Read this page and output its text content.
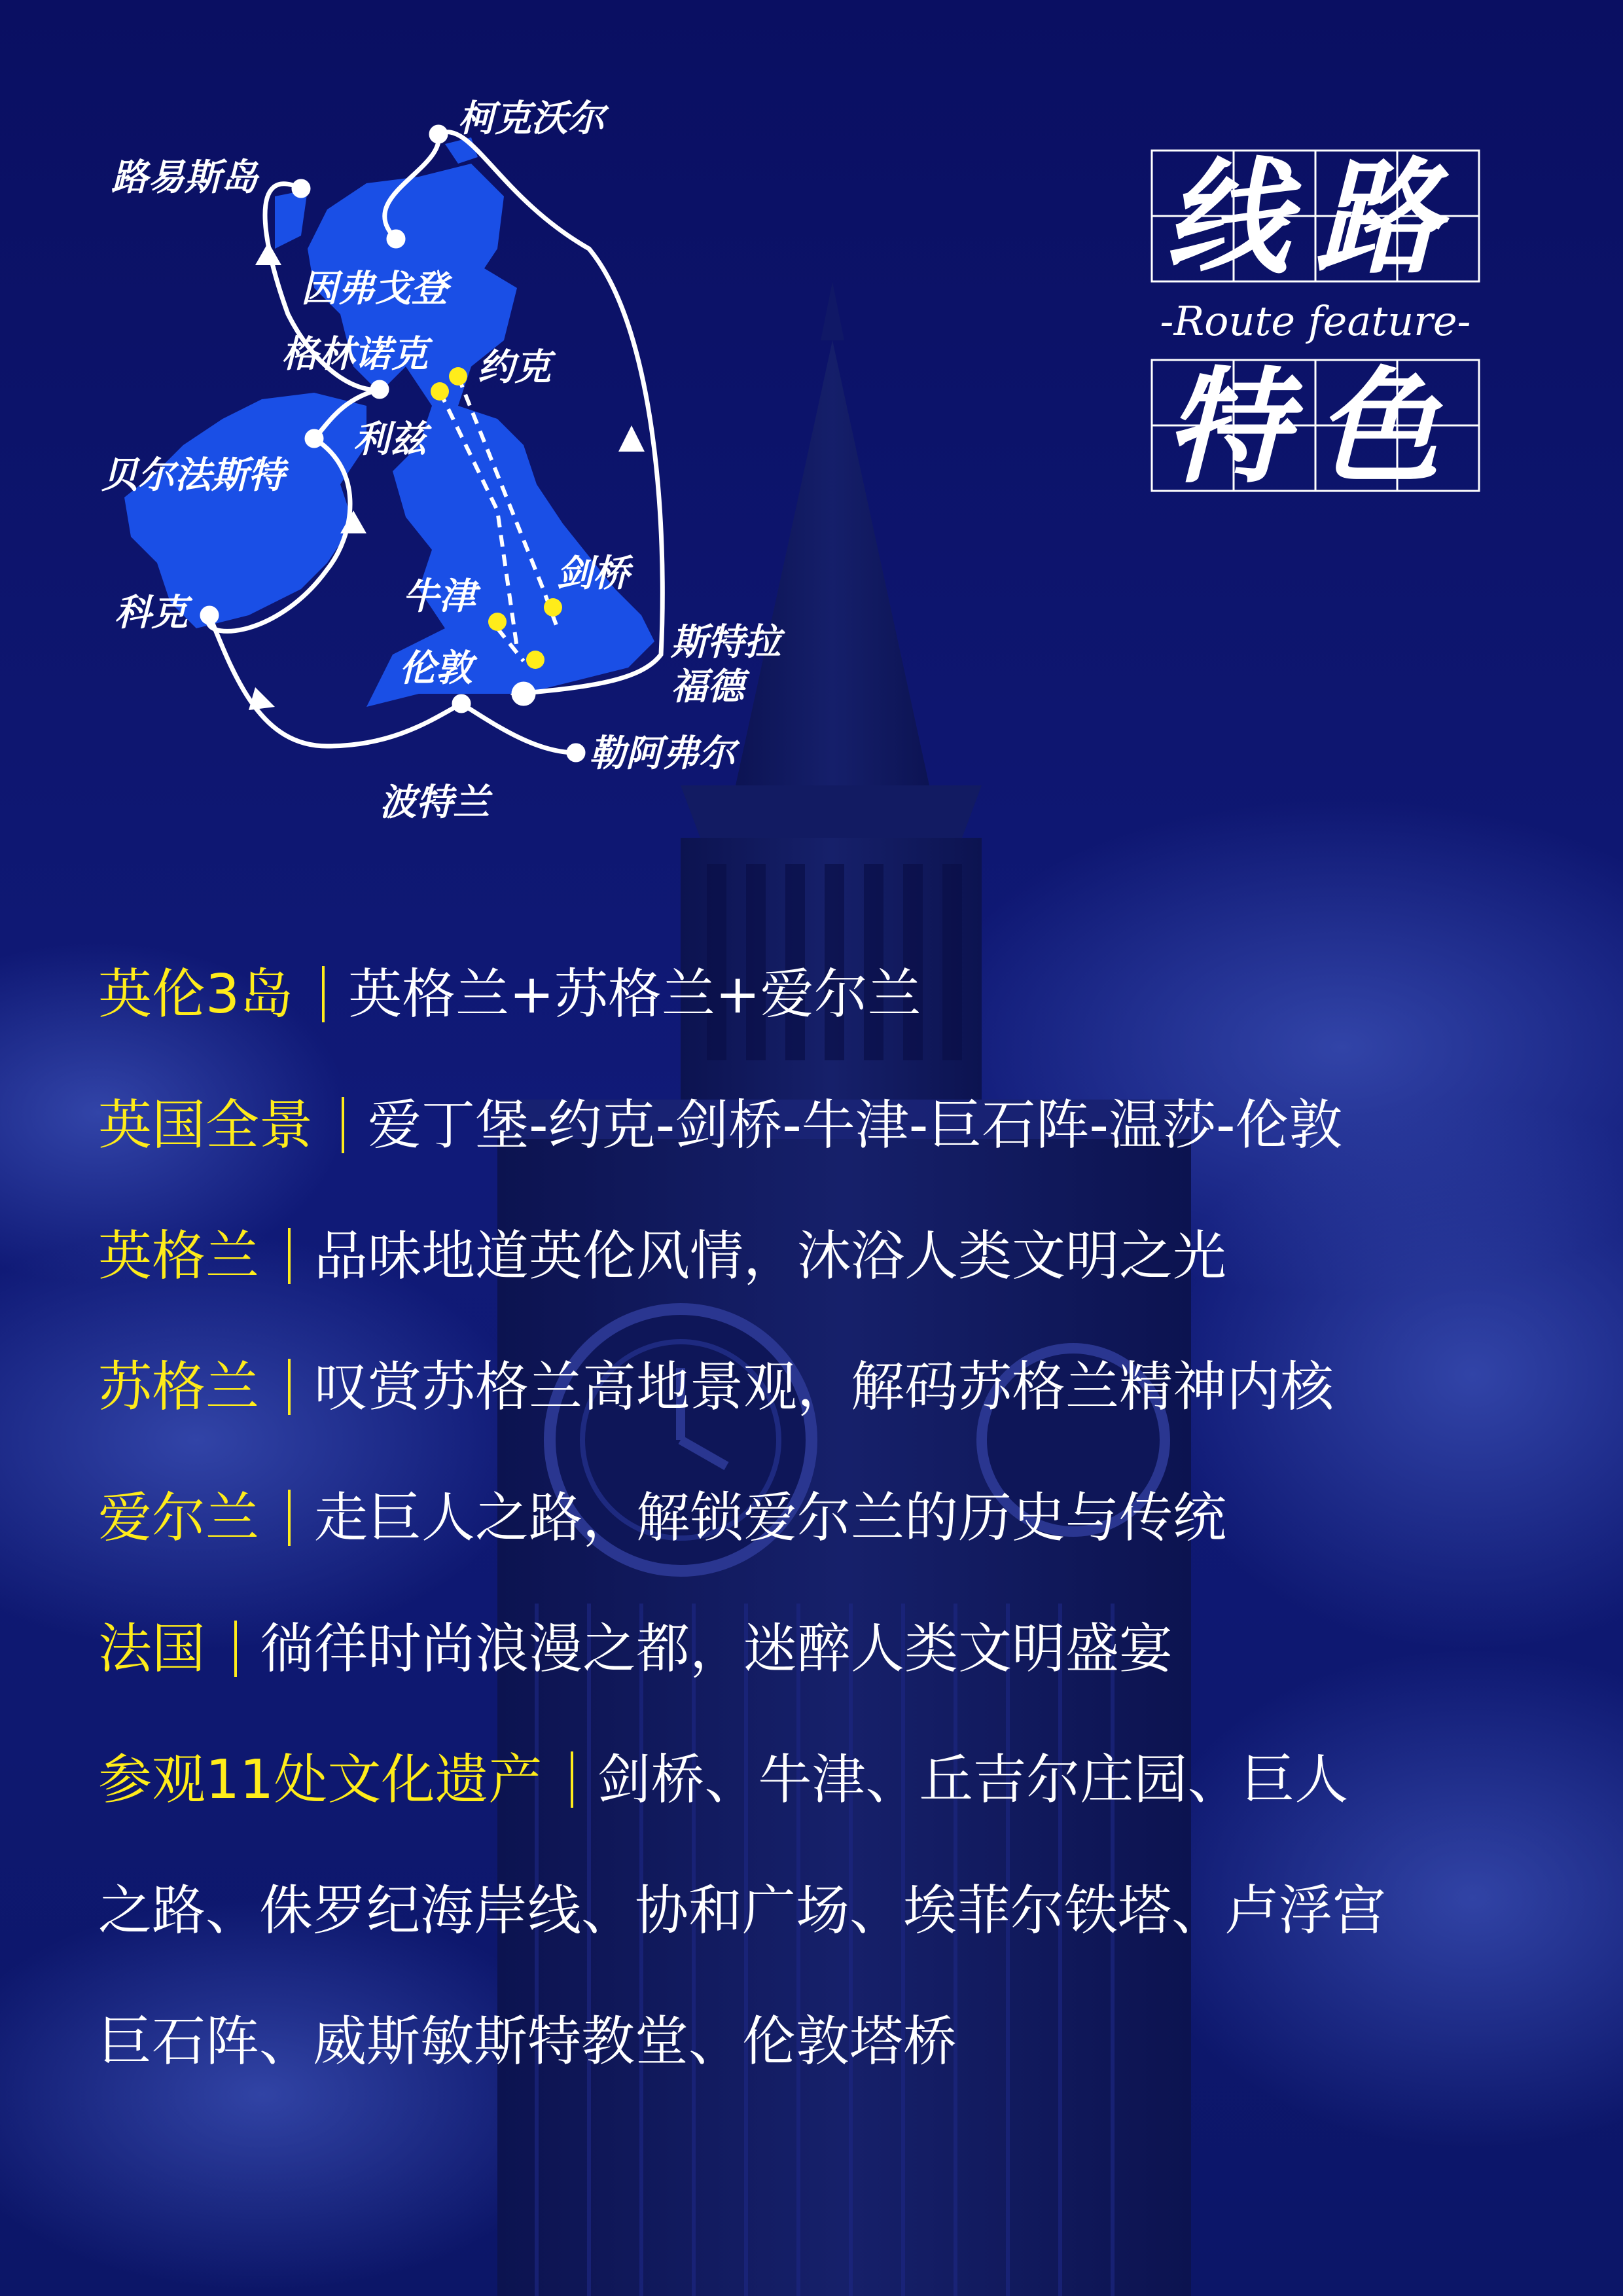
柯克沃尔
路易斯岛
因弗戈登
格林诺克 约克
利兹
贝尔法斯特
剑桥
牛津
斯特拉
福德
科克
伦敦
勒阿弗尔
波特兰
线路
-Route feature-
特色
英伦3岛 英格兰+苏格兰+爱尔兰
英国全景 爱丁堡-约克-剑桥-牛津-巨石阵-温莎-伦敦
英格兰 品味地道英伦风情，沐浴人类文明之光
苏格兰 叹赏苏格兰高地景观，解码苏格兰精神内核
爱尔兰 走巨人之路，解锁爱尔兰的历史与传统
法国 徜徉时尚浪漫之都，迷醉人类文明盛宴
参观11处文化遗产 剑桥、牛津、丘吉尔庄园、巨人
之路、侏罗纪海岸线、协和广场、埃菲尔铁塔、卢浮宫
巨石阵、威斯敏斯特教堂、伦敦塔桥
